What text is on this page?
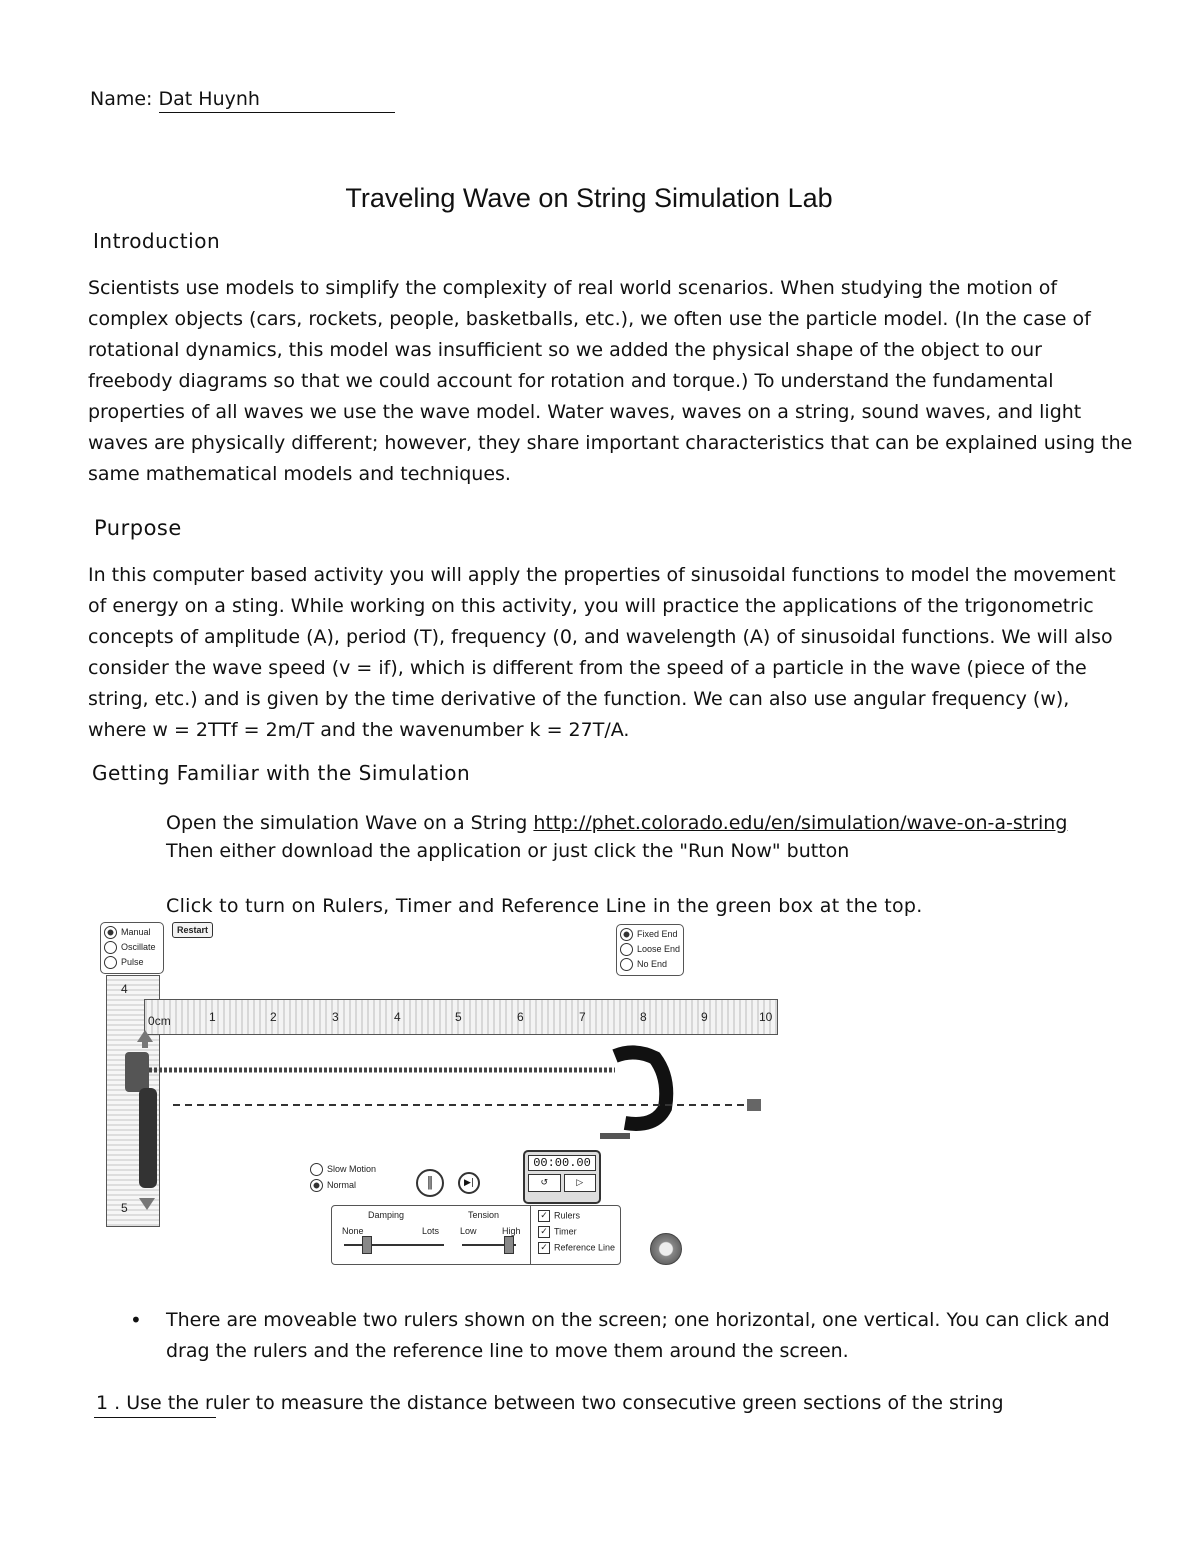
Name: Dat Huynh
Traveling Wave on String Simulation Lab
Introduction
Scientists use models to simplify the complexity of real world scenarios. When studying the motion of
complex objects (cars, rockets, people, basketballs, etc.), we often use the particle model. (In the case of
rotational dynamics, this model was insufficient so we added the physical shape of the object to our
freebody diagrams so that we could account for rotation and torque.) To understand the fundamental
properties of all waves we use the wave model. Water waves, waves on a string, sound waves, and light
waves are physically different; however, they share important characteristics that can be explained using the
same mathematical models and techniques.
Purpose
In this computer based activity you will apply the properties of sinusoidal functions to model the movement
of energy on a sting. While working on this activity, you will practice the applications of the trigonometric
concepts of amplitude (A), period (T), frequency (0, and wavelength (A) of sinusoidal functions. We will also
consider the wave speed (v = if), which is different from the speed of a particle in the wave (piece of the
string, etc.) and is given by the time derivative of the function. We can also use angular frequency (w),
where w = 2TTf = 2m/T and the wavenumber k = 27T/A.
Getting Familiar with the Simulation
Open the simulation Wave on a String http://phet.colorado.edu/en/simulation/wave-on-a-string
Then either download the application or just click the "Run Now" button
Click to turn on Rulers, Timer and Reference Line in the green box at the top.
Manual
Oscillate
Pulse
Restart	Fixed End
Loose End
No End
4
5
0cm	1	2	3	4	5	6	7	8	9	10
Slow Motion
Normal	‖	▶|
00:00.00
↺	▷
Damping
None	Lots
Tension
Low	High
✓ Rulers
✓ Timer
✓ Reference Line
• There are moveable two rulers shown on the screen; one horizontal, one vertical. You can click and
drag the rulers and the reference line to move them around the screen.
1 . Use the ruler to measure the distance between two consecutive green sections of the string
